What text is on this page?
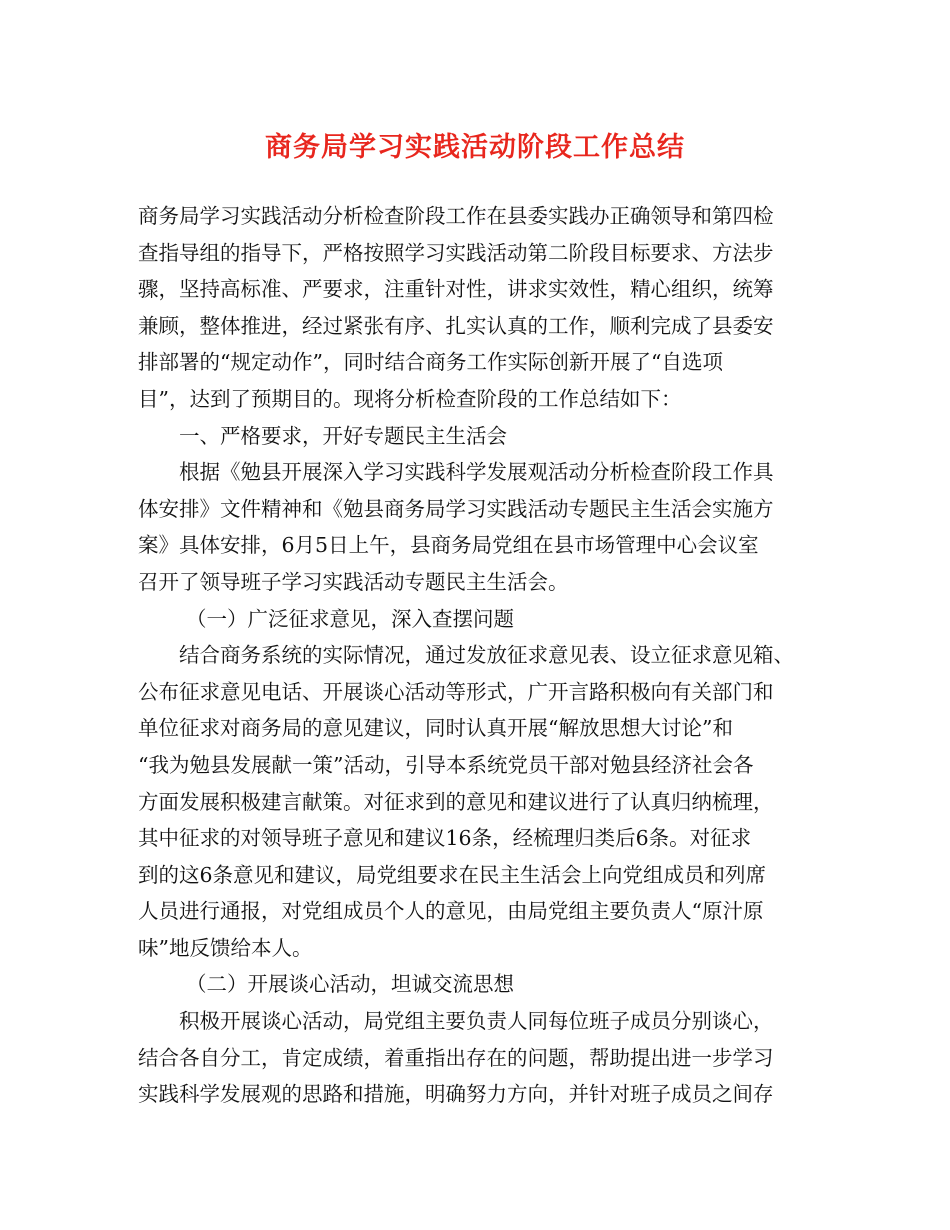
商务局学习实践活动阶段工作总结
商务局学习实践活动分析检查阶段工作在县委实践办正确领导和第四检
查指导组的指导下，严格按照学习实践活动第二阶段目标要求、方法步
骤，坚持高标准、严要求，注重针对性，讲求实效性，精心组织，统筹
兼顾，整体推进，经过紧张有序、扎实认真的工作，顺利完成了县委安
排部署的“规定动作”，同时结合商务工作实际创新开展了“自选项
目”，达到了预期目的。现将分析检查阶段的工作总结如下：
一、严格要求，开好专题民主生活会
根据《勉县开展深入学习实践科学发展观活动分析检查阶段工作具
体安排》文件精神和《勉县商务局学习实践活动专题民主生活会实施方
案》具体安排，6月5日上午，县商务局党组在县市场管理中心会议室
召开了领导班子学习实践活动专题民主生活会。
（一）广泛征求意见，深入查摆问题
结合商务系统的实际情况，通过发放征求意见表、设立征求意见箱、
公布征求意见电话、开展谈心活动等形式，广开言路积极向有关部门和
单位征求对商务局的意见建议，同时认真开展“解放思想大讨论”和
“我为勉县发展献一策”活动，引导本系统党员干部对勉县经济社会各
方面发展积极建言献策。对征求到的意见和建议进行了认真归纳梳理，
其中征求的对领导班子意见和建议16条，经梳理归类后6条。对征求
到的这6条意见和建议，局党组要求在民主生活会上向党组成员和列席
人员进行通报，对党组成员个人的意见，由局党组主要负责人“原汁原
味”地反馈给本人。
（二）开展谈心活动，坦诚交流思想
积极开展谈心活动，局党组主要负责人同每位班子成员分别谈心，
结合各自分工，肯定成绩，着重指出存在的问题，帮助提出进一步学习
实践科学发展观的思路和措施，明确努力方向，并针对班子成员之间存
